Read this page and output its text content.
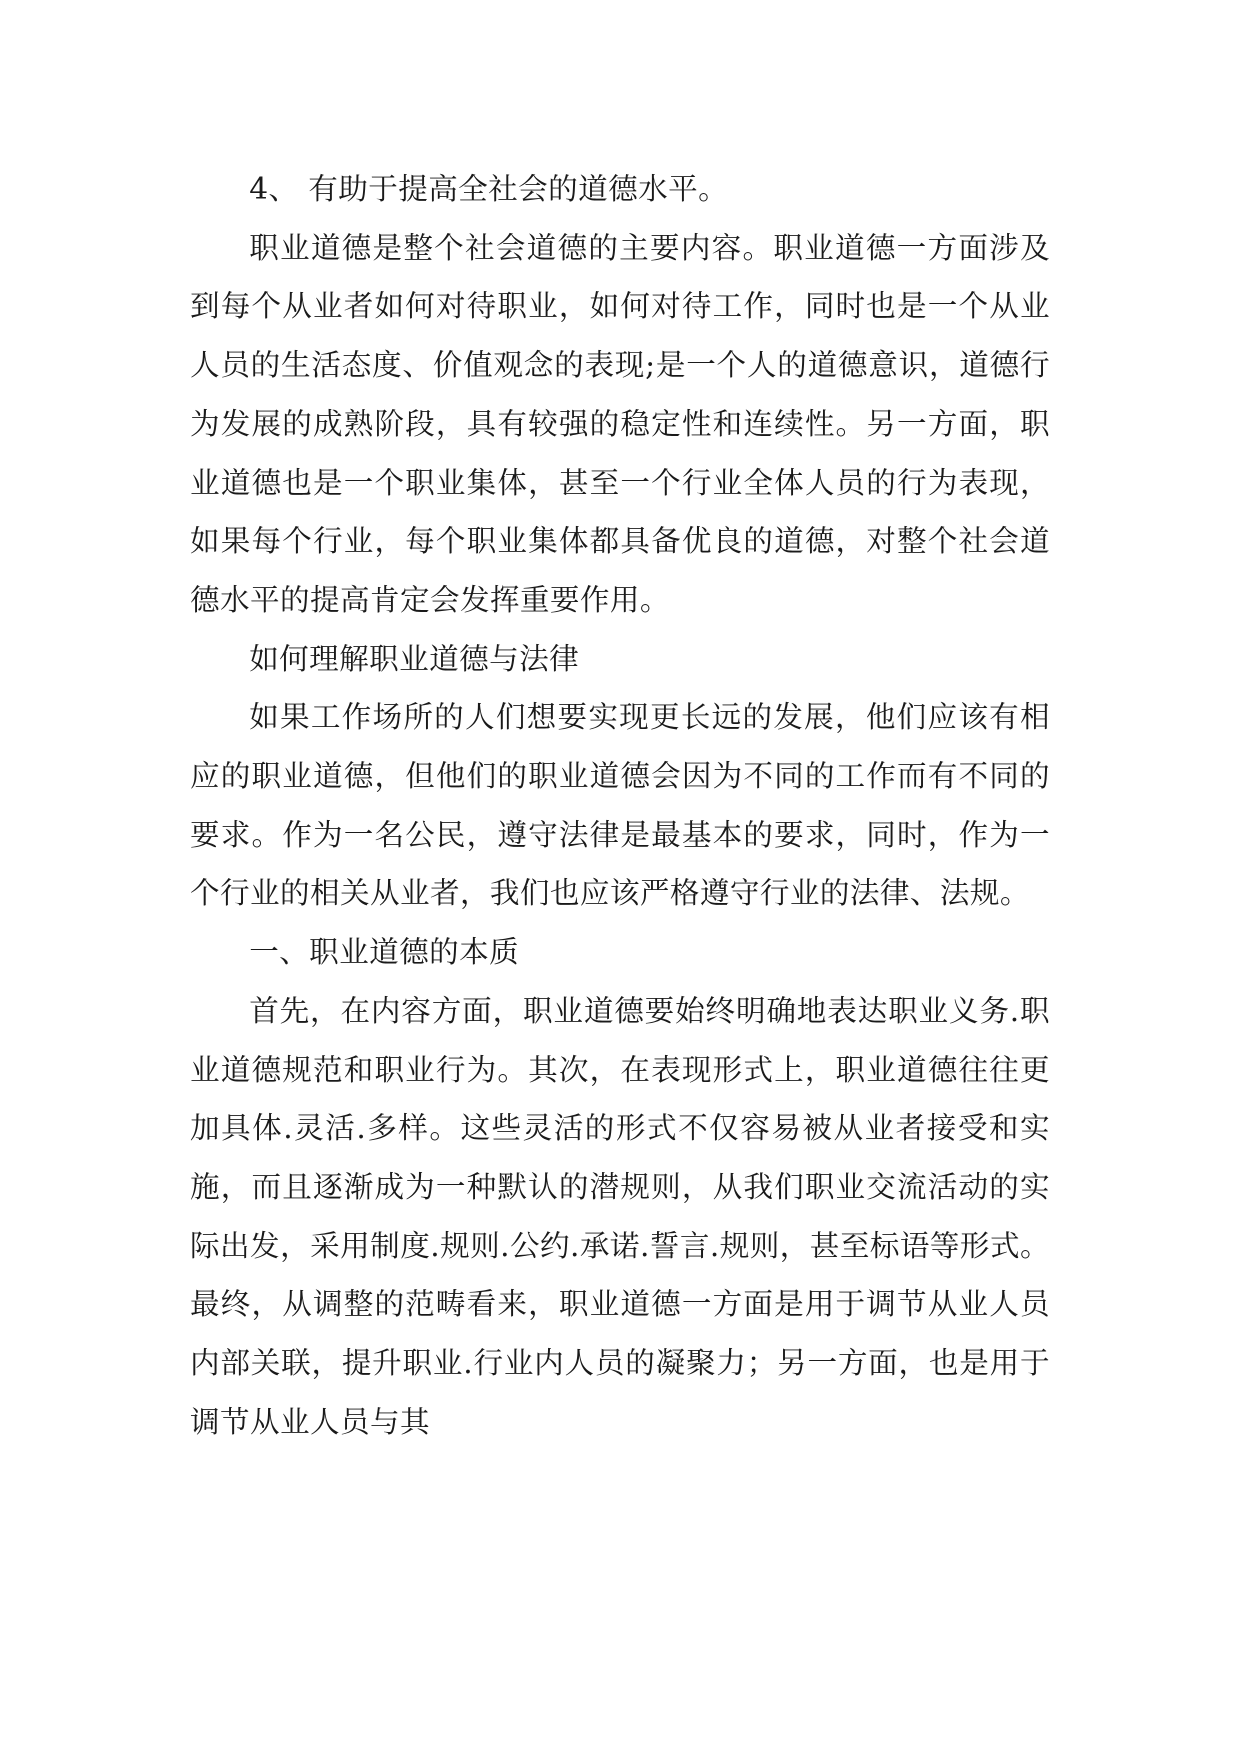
4、 有助于提高全社会的道德水平。

职业道德是整个社会道德的主要内容。职业道德一方面涉及到每个从业者如何对待职业，如何对待工作，同时也是一个从业人员的生活态度、价值观念的表现;是一个人的道德意识，道德行为发展的成熟阶段，具有较强的稳定性和连续性。另一方面，职业道德也是一个职业集体，甚至一个行业全体人员的行为表现，如果每个行业，每个职业集体都具备优良的道德，对整个社会道德水平的提高肯定会发挥重要作用。

如何理解职业道德与法律

如果工作场所的人们想要实现更长远的发展，他们应该有相应的职业道德，但他们的职业道德会因为不同的工作而有不同的要求。作为一名公民，遵守法律是最基本的要求，同时，作为一个行业的相关从业者，我们也应该严格遵守行业的法律、法规。

一、职业道德的本质

首先，在内容方面，职业道德要始终明确地表达职业义务.职业道德规范和职业行为。其次，在表现形式上，职业道德往往更加具体.灵活.多样。这些灵活的形式不仅容易被从业者接受和实施，而且逐渐成为一种默认的潜规则，从我们职业交流活动的实际出发，采用制度.规则.公约.承诺.誓言.规则，甚至标语等形式。最终，从调整的范畴看来，职业道德一方面是用于调节从业人员内部关联，提升职业.行业内人员的凝聚力；另一方面，也是用于调节从业人员与其
